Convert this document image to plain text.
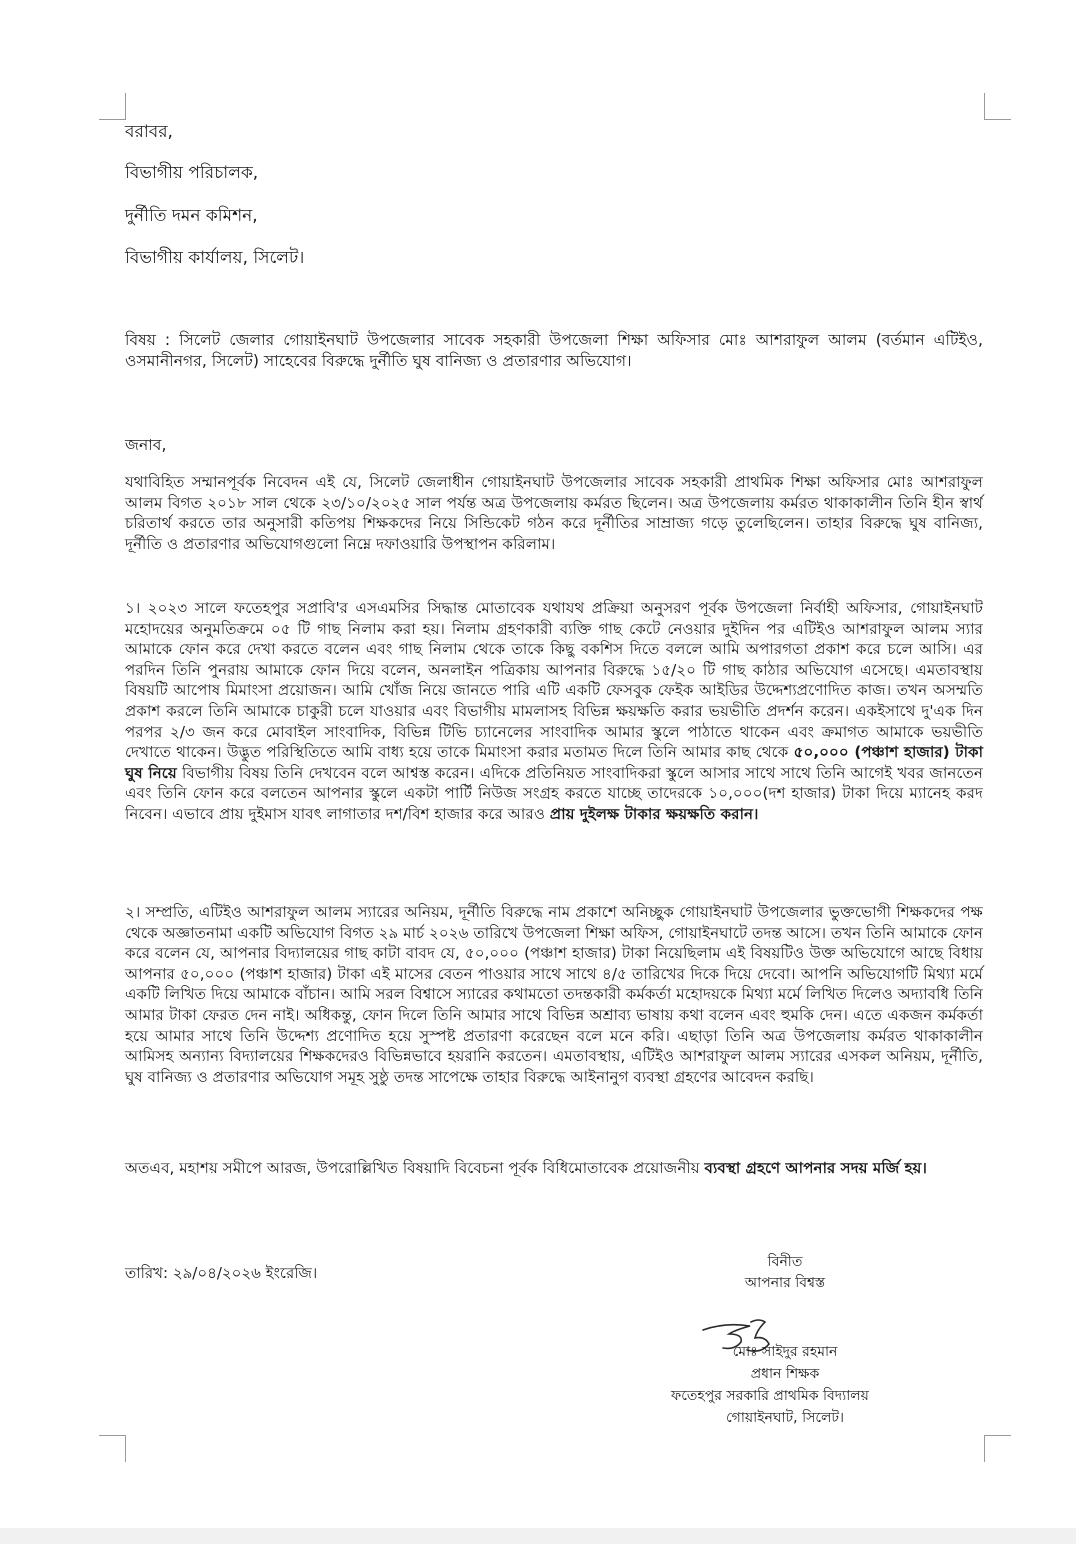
বরাবর,

বিভাগীয় পরিচালক,

দুর্নীতি দমন কমিশন,

বিভাগীয় কার্যালয়, সিলেট।

বিষয় : সিলেট জেলার গোয়াইনঘাট উপজেলার সাবেক সহকারী উপজেলা শিক্ষা অফিসার মোঃ আশরাফুল আলম (বর্তমান এটিইও, ওসমানীনগর, সিলেট) সাহেবের বিরুদ্ধে দুর্নীতি ঘুষ বানিজ্য ও প্রতারণার অভিযোগ।

জনাব,

যথাবিহিত সম্মানপূর্বক নিবেদন এই যে, সিলেট জেলাধীন গোয়াইনঘাট উপজেলার সাবেক সহকারী প্রাথমিক শিক্ষা অফিসার মোঃ আশরাফুল আলম বিগত ২০১৮ সাল থেকে ২৩/১০/২০২৫ সাল পর্যন্ত অত্র উপজেলায় কর্মরত ছিলেন। অত্র উপজেলায় কর্মরত থাকাকালীন তিনি হীন স্বার্থ চরিতার্থ করতে তার অনুসারী কতিপয় শিক্ষকদের নিয়ে সিন্ডিকেট গঠন করে দূর্নীতির সাম্রাজ্য গড়ে তুলেছিলেন। তাহার বিরুদ্ধে ঘুষ বানিজ্য, দূর্নীতি ও প্রতারণার অভিযোগগুলো নিম্নে দফাওয়ারি উপস্থাপন করিলাম।

১। ২০২৩ সালে ফতেহপুর সপ্রাবি'র এসএমসির সিদ্ধান্ত মোতাবেক যথাযথ প্রক্রিয়া অনুসরণ পূর্বক উপজেলা নির্বাহী অফিসার, গোয়াইনঘাট মহোদয়ের অনুমতিক্রমে ০৫ টি গাছ নিলাম করা হয়। নিলাম গ্রহণকারী ব্যক্তি গাছ কেটে নেওয়ার দুইদিন পর এটিইও আশরাফুল আলম স্যার আমাকে ফোন করে দেখা করতে বলেন এবং গাছ নিলাম থেকে তাকে কিছু বকশিস দিতে বললে আমি অপারগতা প্রকাশ করে চলে আসি। এর পরদিন তিনি পুনরায় আমাকে ফোন দিয়ে বলেন, অনলাইন পত্রিকায় আপনার বিরুদ্ধে ১৫/২০ টি গাছ কাঠার অভিযোগ এসেছে। এমতাবস্থায় বিষয়টি আপোষ মিমাংসা প্রয়োজন। আমি খোঁজ নিয়ে জানতে পারি এটি একটি ফেসবুক ফেইক আইডির উদ্দেশ্যপ্রণোদিত কাজ। তখন অসম্মতি প্রকাশ করলে তিনি আমাকে চাকুরী চলে যাওয়ার এবং বিভাগীয় মামলাসহ বিভিন্ন ক্ষয়ক্ষতি করার ভয়ভীতি প্রদর্শন করেন। একইসাথে দু'এক দিন পরপর ২/৩ জন করে মোবাইল সাংবাদিক, বিভিন্ন টিভি চ্যানেলের সাংবাদিক আমার স্কুলে পাঠাতে থাকেন এবং ক্রমাগত আমাকে ভয়ভীতি দেখাতে থাকেন। উদ্ভুত পরিস্থিতিতে আমি বাধ্য হয়ে তাকে মিমাংসা করার মতামত দিলে তিনি আমার কাছ থেকে ৫০,০০০ (পঞ্চাশ হাজার) টাকা ঘুষ নিয়ে বিভাগীয় বিষয় তিনি দেখবেন বলে আশ্বস্ত করেন। এদিকে প্রতিনিয়ত সাংবাদিকরা স্কুলে আসার সাথে সাথে তিনি আগেই খবর জানতেন এবং তিনি ফোন করে বলতেন আপনার স্কুলে একটা পার্টি নিউজ সংগ্রহ করতে যাচ্ছে তাদেরকে ১০,০০০(দশ হাজার) টাকা দিয়ে ম্যানেহ করদ নিবেন। এভাবে প্রায় দুইমাস যাবৎ লাগাতার দশ/বিশ হাজার করে আরও প্রায় দুইলক্ষ টাকার ক্ষয়ক্ষতি করান।

২। সম্প্রতি, এটিইও আশরাফুল আলম স্যারের অনিয়ম, দূর্নীতি বিরুদ্ধে নাম প্রকাশে অনিচ্ছুক গোয়াইনঘাট উপজেলার ভুক্তভোগী শিক্ষকদের পক্ষ থেকে অজ্ঞাতনামা একটি অভিযোগ বিগত ২৯ মার্চ ২০২৬ তারিখে উপজেলা শিক্ষা অফিস, গোয়াইনঘাটে তদন্ত আসে। তখন তিনি আমাকে ফোন করে বলেন যে, আপনার বিদ্যালয়ের গাছ কাটা বাবদ যে, ৫০,০০০ (পঞ্চাশ হাজার) টাকা নিয়েছিলাম এই বিষয়টিও উক্ত অভিযোগে আছে বিধায় আপনার ৫০,০০০ (পঞ্চাশ হাজার) টাকা এই মাসের বেতন পাওয়ার সাথে সাথে ৪/৫ তারিখের দিকে দিয়ে দেবো। আপনি অভিযোগটি মিথ্যা মর্মে একটি লিখিত দিয়ে আমাকে বাঁচান। আমি সরল বিশ্বাসে স্যারের কথামতো তদন্তকারী কর্মকর্তা মহোদয়কে মিথ্যা মর্মে লিখিত দিলেও অদ্যাবধি তিনি আমার টাকা ফেরত দেন নাই। অধিকন্তু, ফোন দিলে তিনি আমার সাথে বিভিন্ন অশ্রাব্য ভাষায় কথা বলেন এবং হুমকি দেন। এতে একজন কর্মকর্তা হয়ে আমার সাথে তিনি উদ্দেশ্য প্রণোদিত হয়ে সুস্পষ্ট প্রতারণা করেছেন বলে মনে করি। এছাড়া তিনি অত্র উপজেলায় কর্মরত থাকাকালীন আমিসহ অন্যান্য বিদ্যালয়ের শিক্ষকদেরও বিভিন্নভাবে হয়রানি করতেন। এমতাবস্থায়, এটিইও আশরাফুল আলম স্যারের এসকল অনিয়ম, দূর্নীতি, ঘুষ বানিজ্য ও প্রতারণার অভিযোগ সমূহ সুষ্ঠু তদন্ত সাপেক্ষে তাহার বিরুদ্ধে আইনানুগ ব্যবস্থা গ্রহণের আবেদন করছি।

অতএব, মহাশয় সমীপে আরজ, উপরোল্লিখিত বিষয়াদি বিবেচনা পূর্বক বিধিমোতাবেক প্রয়োজনীয় ব্যবস্থা গ্রহণে আপনার সদয় মর্জি হয়।

তারিখ: ২৯/০৪/২০২৬ ইংরেজি।

বিনীত

আপনার বিশ্বস্ত

মোঃ সাইদুর রহমান

প্রধান শিক্ষক

ফতেহপুর সরকারি প্রাথমিক বিদ্যালয়

গোয়াইনঘাট, সিলেট।
